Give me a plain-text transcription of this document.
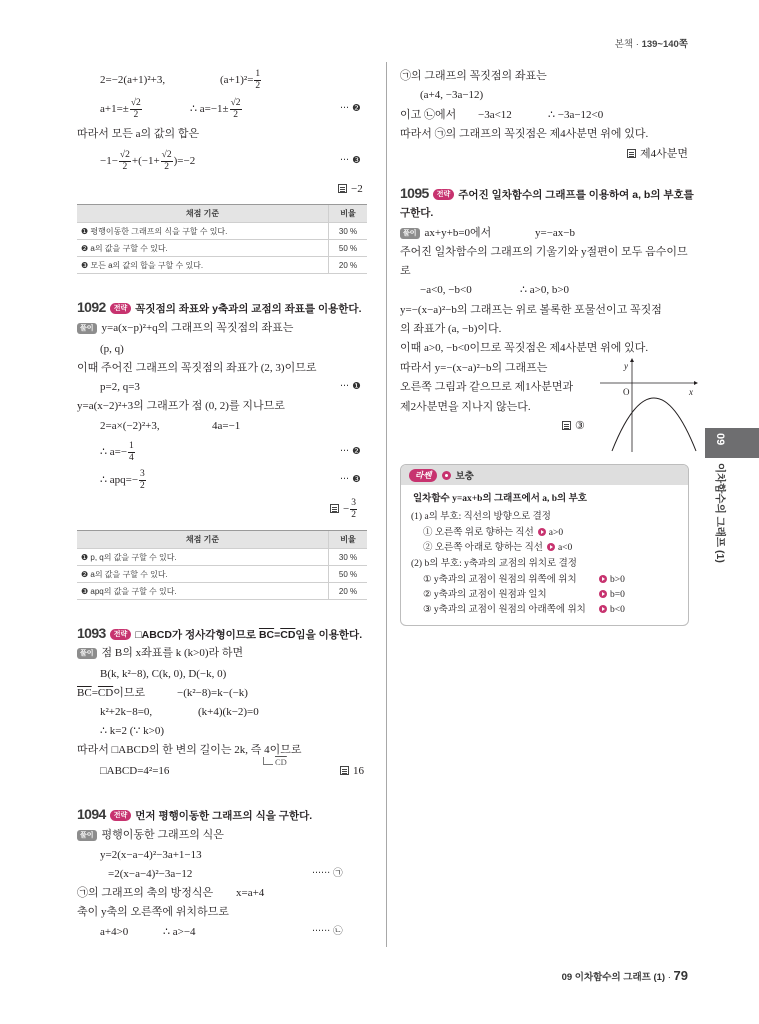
본책 · 139~140쪽
2=−2(a+1)²+3,	$(a+1)^2= \frac{1}{2}$
$a+1=\pm \frac{√2}{2}$	∴ $a=-1\pm \frac{√2}{2}$	··· ❷
따라서 모든 a의 값의 합은
$-1- \frac{√2}{2} +(-1+ \frac{√2}{2} )=-2$	··· ❸
−2
채점 기준	비율
❶ 평행이동한 그래프의 식을 구할 수 있다.	30 %
❷ a의 값을 구할 수 있다.	50 %
❸ 모든 a의 값의 합을 구할 수 있다.	20 %
1092 전략 꼭짓점의 좌표와 y축과의 교점의 좌표를 이용한다.
풀이 y=a(x−p)²+q의 그래프의 꼭짓점의 좌표는
(p, q)
이때 주어진 그래프의 꼭짓점의 좌표가 (2, 3)이므로
p=2, q=3	··· ❶
y=a(x−2)²+3의 그래프가 점 (0, 2)를 지나므로
2=a×(−2)²+3,	4a=−1
∴ $a=- \frac{1}{4}$	··· ❷
∴ $apq=- \frac{3}{2}$	··· ❸
− $\frac{3}{2}$
채점 기준	비율
❶ p, q의 값을 구할 수 있다.	30 %
❷ a의 값을 구할 수 있다.	50 %
❸ apq의 값을 구할 수 있다.	20 %
1093 전략 □ABCD가 정사각형이므로 $\overline{BC}=\overline{CD}$임을 이용한다.
풀이 점 B의 x좌표를 k (k>0)라 하면
B(k, k²−8), C(k, 0), D(−k, 0)
$\overline{BC}=\overline{CD}$이므로	−(k²−8)=k−(−k)
k²+2k−8=0,	(k+4)(k−2)=0
∴ k=2 (∵ k>0)
따라서 □ABCD의 한 변의 길이는 2k, 즉 4이므로
$\overline{CD}$
□ABCD=4²=16	16
1094 전략 먼저 평행이동한 그래프의 식을 구한다.
풀이 평행이동한 그래프의 식은
y=2(x−a−4)²−3a+1−13
=2(x−a−4)²−3a−12	······ ㉠
㉠의 그래프의 축의 방정식은 x=a+4
축이 y축의 오른쪽에 위치하므로
a+4>0	∴ a>−4	······ ㉡
㉠의 그래프의 꼭짓점의 좌표는
(a+4, −3a−12)
이고 ㉡에서 −3a<12	∴ −3a−12<0
따라서 ㉠의 그래프의 꼭짓점은 제4사분면 위에 있다.
제4사분면
1095 전략 주어진 일차함수의 그래프를 이용하여 a, b의 부호를
구한다.
풀이 ax+y+b=0에서	y=−ax−b
주어진 일차함수의 그래프의 기울기와 y절편이 모두 음수이므
로
−a<0, −b<0	∴ a>0, b>0
y=−(x−a)²−b의 그래프는 위로 볼록한 포물선이고 꼭짓점
의 좌표가 (a, −b)이다.
이때 a>0, −b<0이므로 꼭짓점은 제4사분면 위에 있다.
따라서 y=−(x−a)²−b의 그래프는
오른쪽 그림과 같으므로 제1사분면과
제2사분면을 지나지 않는다.
③
y
O	x
라쎈	보충
일차함수 y=ax+b의 그래프에서 a, b의 부호
(1) a의 부호: 직선의 방향으로 결정
① 오른쪽 위로 향하는 직선 a>0
② 오른쪽 아래로 향하는 직선 a<0
(2) b의 부호: y축과의 교점의 위치로 결정
① y축과의 교점이 원점의 위쪽에 위치	b>0
② y축과의 교점이 원점과 일치	b=0
③ y축과의 교점이 원점의 아래쪽에 위치	b<0
09
이차함수의 그래프 (1)
09 이차함수의 그래프 (1) · 79
